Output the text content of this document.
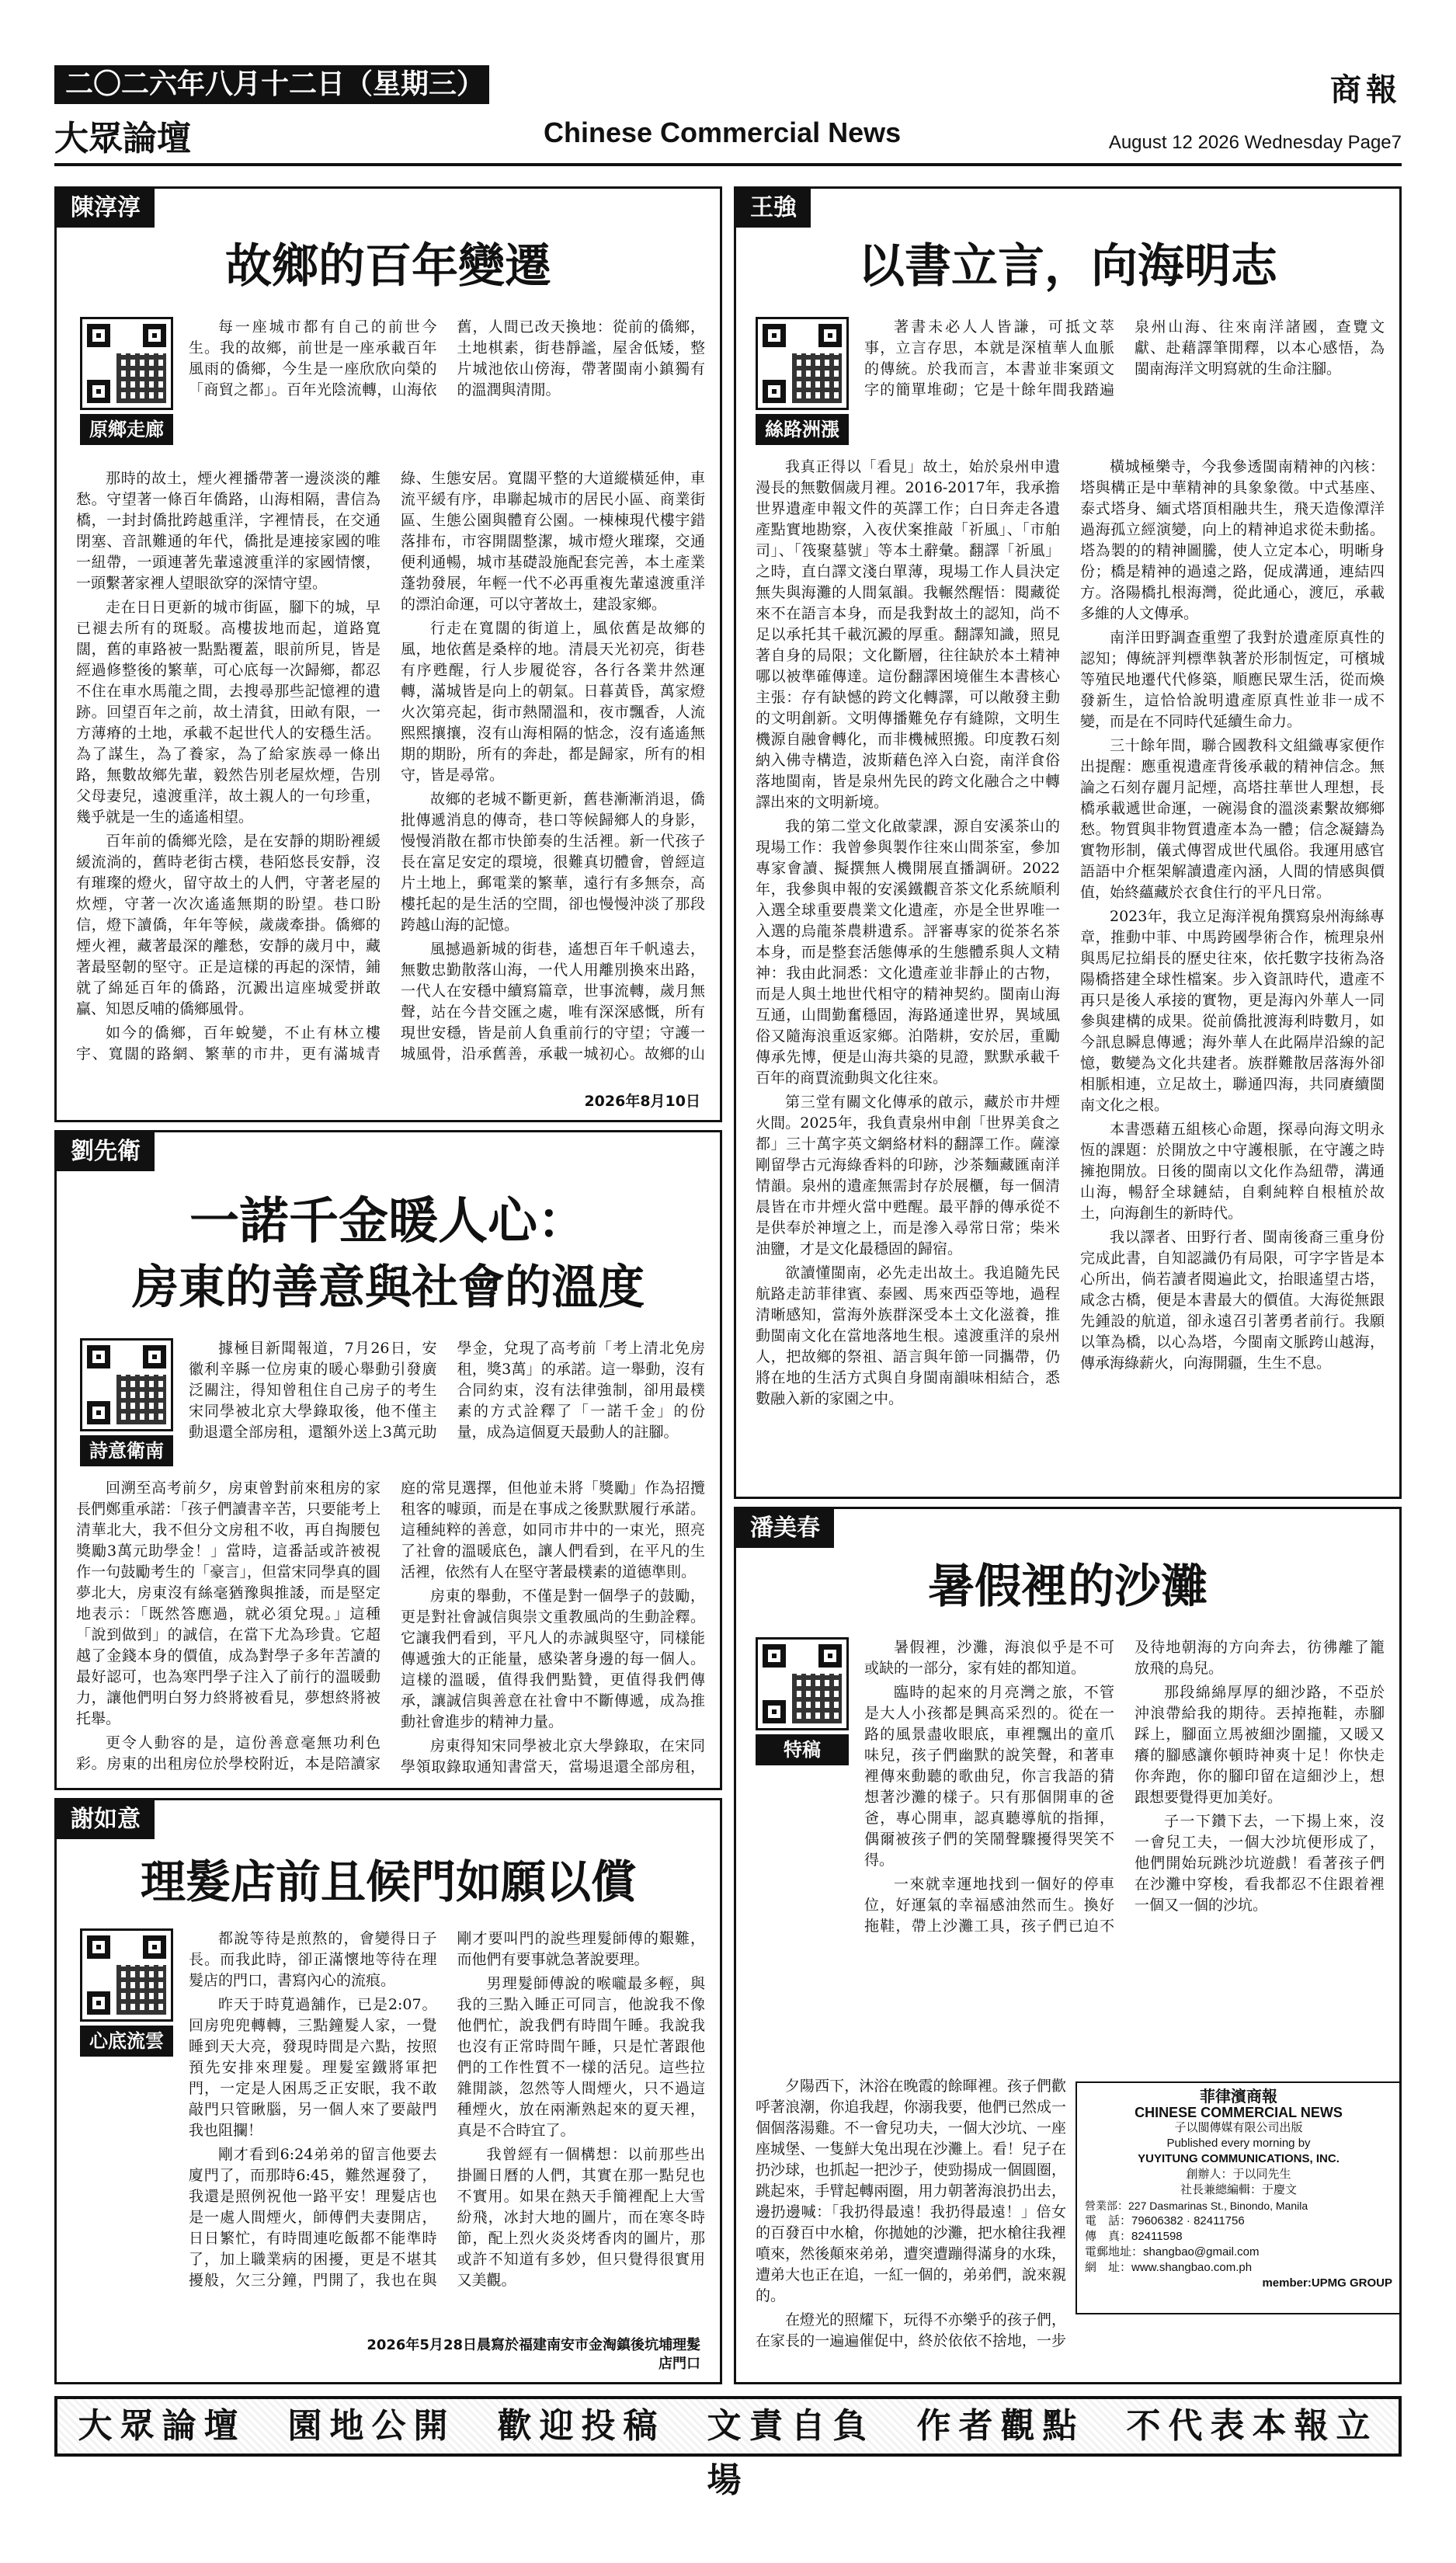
二〇二六年八月十二日（星期三）	商報
大眾論壇	Chinese Commercial News	August 12 2026 Wednesday Page7
陳淳淳
故鄉的百年變遷
原鄉走廊

每一座城市都有自己的前世今生。我的故鄉，前世是一座承載百年風雨的僑鄉，今生是一座欣欣向榮的「商貿之都」。百年光陰流轉，山海依舊，人間已改天換地：從前的僑鄉，土地棋素，街巷靜謐，屋舍低矮，整片城池依山傍海，帶著閩南小鎮獨有的溫潤與清閒。

那時的故土，煙火裡播帶著一邊淡淡的離愁。守望著一條百年僑路，山海相隔，書信為橋，一封封僑批跨越重洋，字裡情長，在交通閉塞、音訊難通的年代，僑批是連接家國的唯一紐帶，一頭連著先輩遠渡重洋的家國情懷，一頭繫著家裡人望眼欲穿的深情守望。

走在日日更新的城市街區，腳下的城，早已褪去所有的斑駁。高樓拔地而起，道路寬闊，舊的車路被一點點覆蓋，眼前所見，皆是經過修整後的繁華，可心底每一次歸鄉，都忍不住在車水馬龍之間，去搜尋那些記憶裡的遺跡。回望百年之前，故土清貧，田畝有限，一方薄瘠的土地，承載不起世代人的安穩生活。為了謀生，為了養家，為了給家族尋一條出路，無數故鄉先輩，毅然告別老屋炊煙，告別父母妻兒，遠渡重洋，故土親人的一句珍重，幾乎就是一生的遙遙相望。

百年前的僑鄉光陰，是在安靜的期盼裡緩緩流淌的，舊時老街古樸，巷陌悠長安靜，沒有璀璨的燈火，留守故土的人們，守著老屋的炊煙，守著一次次遙遙無期的盼望。巷口盼信，燈下讀僑，年年等候，歲歲牽掛。僑鄉的煙火裡，藏著最深的離愁，安靜的歲月中，藏著最堅韌的堅守。正是這樣的再起的深情，鋪就了綿延百年的僑路，沉澱出這座城愛拼敢贏、知恩反哺的僑鄉風骨。

如今的僑鄉，百年蛻變，不止有林立樓宇、寬闊的路網、繁華的市井，更有滿城青綠、生態安居。寬闊平整的大道縱橫延伸，車流平緩有序，串聯起城市的居民小區、商業街區、生態公園與體育公園。一棟棟現代樓宇錯落排布，市容開闊整潔，城市燈火璀璨，交通便利通暢，城市基礎設施配套完善，本土產業蓬勃發展，年輕一代不必再重複先輩遠渡重洋的漂泊命運，可以守著故土，建設家鄉。

行走在寬闊的街道上，風依舊是故鄉的風，地依舊是桑梓的地。清晨天光初亮，街巷有序甦醒，行人步履從容，各行各業井然運轉，滿城皆是向上的朝氣。日暮黃昏，萬家燈火次第亮起，街市熱鬧溫和，夜市飄香，人流熙熙攘攘，沒有山海相隔的惦念，沒有遙遙無期的期盼，所有的奔赴，都是歸家，所有的相守，皆是尋常。

故鄉的老城不斷更新，舊巷漸漸消退，僑批傳遞消息的傳奇，巷口等候歸鄉人的身影，慢慢消散在都市快節奏的生活裡。新一代孩子長在富足安定的環境，很難真切體會，曾經這片土地上，郵電業的繁華，遠行有多無奈，高樓托起的是生活的空間，卻也慢慢沖淡了那段跨越山海的記憶。

風撼過新城的街巷，遙想百年千帆遠去，無數忠勤散落山海，一代人用離別換來出路，一代人在安穩中續寫篇章，世事流轉，歲月無聲，站在今昔交匯之處，唯有深深感慨，所有現世安穩，皆是前人負重前行的守望；守護一城風骨，沿承舊善，承載一城初心。故鄉的山

2026年8月10日
劉先衛
一諾千金暖人心：
房東的善意與社會的溫度
詩意衛南

據極目新聞報道，7月26日，安徽利辛縣一位房東的暖心舉動引發廣泛關注，得知曾租住自己房子的考生宋同學被北京大學錄取後，他不僅主動退還全部房租，還額外送上3萬元助學金，兌現了高考前「考上清北免房租，獎3萬」的承諾。這一舉動，沒有合同約束，沒有法律強制，卻用最樸素的方式詮釋了「一諾千金」的份量，成為這個夏天最動人的註腳。

回溯至高考前夕，房東曾對前來租房的家長們鄭重承諾：「孩子們讀書辛苦，只要能考上清華北大，我不但分文房租不收，再自掏腰包獎勵3萬元助學金！」當時，這番話或許被視作一句鼓勵考生的「豪言」，但當宋同學真的圓夢北大，房東沒有絲毫猶豫與推諉，而是堅定地表示：「既然答應過，就必須兌現。」這種「說到做到」的誠信，在當下尤為珍貴。它超越了金錢本身的價值，成為對學子多年苦讀的最好認可，也為寒門學子注入了前行的溫暖動力，讓他們明白努力終將被看見，夢想終將被托舉。

更令人動容的是，這份善意毫無功利色彩。房東的出租房位於學校附近，本是陪讀家庭的常見選擇，但他並未將「獎勵」作為招攬租客的噱頭，而是在事成之後默默履行承諾。這種純粹的善意，如同市井中的一束光，照亮了社會的溫暖底色，讓人們看到，在平凡的生活裡，依然有人在堅守著最樸素的道德準則。

房東的舉動，不僅是對一個學子的鼓勵，更是對社會誠信與崇文重教風尚的生動詮釋。它讓我們看到，平凡人的赤誠與堅守，同樣能傳遞強大的正能量，感染著身邊的每一個人。這樣的溫暖，值得我們點贊，更值得我們傳承，讓誠信與善意在社會中不斷傳遞，成為推動社會進步的精神力量。

房東得知宋同學被北京大學錄取，在宋同學領取錄取通知書當天，當場退還全部房租，

謝如意
理髮店前且候門如願以償
心底流雲

都說等待是煎熬的，會變得日子長。而我此時，卻正滿懷地等待在理髮店的門口，書寫內心的流痕。

昨天于時莧過舖作，已是2:07。回房兜兜轉轉，三點鐘髮人家，一覺睡到天大亮，發現時間是六點，按照預先安排來理髮。理髮室鐵將軍把門，一定是人困馬乏正安眠，我不敢敲門只管瞅腦，另一個人來了要敲門我也阻攔！

剛才看到6:24弟弟的留言他要去廈門了，而那時6:45，難然遲發了，我還是照例祝他一路平安！理髮店也是一處人間煙火，師傅們夫妻開店，日日繁忙，有時間連吃飯都不能準時了，加上職業病的困擾，更是不堪其擾般，欠三分鐘，門開了，我也在與剛才要叫門的說些理髮師傅的艱難，而他們有要事就急著說要理。

男理髮師傅說的喉嚨最多輕，與我的三點入睡正可同言，他說我不像他們忙，說我們有時間午睡。我說我也沒有正常時間午睡，只是忙著跟他們的工作性質不一樣的活兒。這些拉雜閒談，忽然等人間煙火，只不過這種煙火，放在兩漸熟起來的夏天裡，真是不合時宜了。

我曾經有一個構想：以前那些出掛圖日曆的人們，其實在那一點兒也不實用。如果在熱天手簡裡配上大雪紛飛，冰封大地的圖片，而在寒冬時節，配上烈火炎炎烤香肉的圖片，那或許不知道有多妙，但只覺得很實用又美觀。

2026年5月28日晨寫於福建南安市金淘鎮後坑埔理髮店門口
王強
以書立言，向海明志
絲路洲漲

著書未必人人皆謙，可抵文萃事，立言存思，本就是深植華人血脈的傳統。於我而言，本書並非案頭文字的簡單堆砌；它是十餘年間我踏遍泉州山海、往來南洋諸國，查覽文獻、赴藉譯筆閒釋，以本心感悟，為閩南海洋文明寫就的生命注腳。

我真正得以「看見」故土，始於泉州申遺漫長的無數個歲月裡。2016-2017年，我承擔世界遺產申報文件的英譯工作；白日奔走各遺產點實地勘察，入夜伏案推敲「祈風」、「市舶司」、「筏聚墓號」等本土辭彙。翻譯「祈風」之時，直白譯文淺白單薄，現場工作人員決定無失與海灘的人間氣韻。我輾然醒悟：閱藏從來不在語言本身，而是我對故土的認知，尚不足以承托其千載沉澱的厚重。翻譯知識，照見著自身的局限；文化斷層，往往缺於本土精神哪以被準確傳達。這份翻譯困境催生本書核心主張：存有缺憾的跨文化轉譯，可以敞發主動的文明創新。文明傳播難免存有縫隙，文明生機源自融會轉化，而非機械照搬。印度教石刻納入佛寺構造，波斯藉色淬入白瓷，南洋食俗落地閩南，皆是泉州先民的跨文化融合之中轉譯出來的文明新境。

我的第二堂文化啟蒙課，源自安溪茶山的現場工作：我曾參與製作往來山間茶室，參加專家會讀、擬撰無人機開展直播調研。2022年，我參與申報的安溪鐵觀音茶文化系統順利入選全球重要農業文化遺產，亦是全世界唯一入選的烏龍茶農耕遺系。評審專家的從茶名茶本身，而是整套活態傳承的生態體系與人文精神：我由此洞悉：文化遺產並非靜止的古物，而是人與土地世代相守的精神契約。閩南山海互通，山間勤奮穩固，海路通達世界，異域風俗又隨海浪重返家鄉。泊階耕，安於居，重勵傳承先博，便是山海共築的見證，默默承載千百年的商賈流動與文化往來。

第三堂有關文化傳承的啟示，藏於市井煙火間。2025年，我負責泉州申創「世界美食之都」三十萬字英文網絡材料的翻譯工作。薩濠剛留學古元海綠香料的印跡，沙茶麵藏匯南洋情韻。泉州的遺產無需封存於展櫃，每一個清晨皆在市井煙火當中甦醒。最平靜的傳承從不是供奉於神壇之上，而是滲入尋常日常；柴米油鹽，才是文化最穩固的歸宿。

欲讀懂閩南，必先走出故土。我追隨先民航路走訪菲律賓、泰國、馬來西亞等地，過程清晰感知，當海外族群深受本土文化滋養，推動閩南文化在當地落地生根。遠渡重洋的泉州人，把故鄉的祭祖、語言與年節一同攜帶，仍將在地的生活方式與自身閩南韻味相結合，悉數融入新的家園之中。

橫城極樂寺，今我參透閩南精神的內核：塔與構正是中華精神的具象象徵。中式基座、泰式塔身、緬式塔頂相融共生，飛天造像潭洋過海孤立經演變，向上的精神追求從未動搖。塔為製的的精神圖騰，使人立定本心，明晰身份；橋是精神的過遠之路，促成溝通，連結四方。洛陽橋扎根海灣，從此通心，渡厄，承載多維的人文傳承。

南洋田野調查重塑了我對於遺產原真性的認知；傳統評判標準執著於形制恆定，可檳城等殖民地遷代代修築，順應民眾生活，從而煥發新生，這恰恰說明遺產原真性並非一成不變，而是在不同時代延續生命力。

三十餘年間，聯合國教科文組織專家便作出提醒：應重視遺產背後承載的精神信念。無論之石刻存麗月記煙，高塔拄華世人理想，長橋承載遞世命運，一碗湯食的溫淡素繫故鄉鄉愁。物質與非物質遺產本為一體；信念凝鑄為實物形制，儀式傳習成世代風俗。我運用感官語語中介框架解讀遺產內涵，人間的情感與價值，始終蘊藏於衣食住行的平凡日常。

2023年，我立足海洋視角撰寫泉州海絲專章，推動中菲、中馬跨國學術合作，梳理泉州與馬尼拉絹長的歷史往來，依托數字技術為洛陽橋搭建全球性檔案。步入資訊時代，遺產不再只是後人承接的實物，更是海內外華人一同參與建構的成果。從前僑批渡海利時數月，如今訊息瞬息傳遞；海外華人在此隔岸沿線的記憶，數變為文化共建者。族群難散居落海外卻相脈相連，立足故土，聯通四海，共同賡續閩南文化之根。

本書憑藉五組核心命題，探尋向海文明永恆的課題：於開放之中守護根脈，在守護之時擁抱開放。日後的閩南以文化作為紐帶，溝通山海，暢舒全球鏈結，自剩純粹自根植於故土，向海創生的新時代。

我以譯者、田野行者、閩南後裔三重身份完成此書，自知認識仍有局限，可字字皆是本心所出，倘若讀者閱遍此文，抬眼遙望古塔，咸念古橋，便是本書最大的價值。大海從無跟先鍾設的航道，卻永遠召引著勇者前行。我願以筆為橋，以心為塔，今閩南文脈跨山越海，傳承海綠薪火，向海開疆，生生不息。

潘美春
暑假裡的沙灘
特稿

暑假裡，沙灘，海浪似乎是不可或缺的一部分，家有娃的都知道。

臨時的起來的月亮灣之旅，不管是大人小孩都是興高采烈的。從在一路的風景盡收眼底，車裡飄出的童爪味兒，孩子們幽默的說笑聲，和著車裡傳來動聽的歌曲兒，你言我語的猜想著沙灘的樣子。只有那個開車的爸爸，專心開車，認真聽導航的指揮，偶爾被孩子們的笑鬧聲驟擾得哭笑不得。

一來就幸運地找到一個好的停車位，好運氣的幸福感油然而生。換好拖鞋，帶上沙灘工具，孩子們已迫不及待地朝海的方向奔去，彷彿離了籠放飛的鳥兒。

那段綿綿厚厚的細沙路，不亞於沖浪帶給我的期待。丟掉拖鞋，赤腳踩上，腳面立馬被細沙圍攏，又暖又癢的腳感讓你頓時神爽十足！你快走你奔跑，你的腳印留在這細沙上，想跟想要覺得更加美好。

子一下鑽下去，一下揚上來，沒一會兒工夫，一個大沙坑便形成了，他們開始玩跳沙坑遊戲！看著孩子們在沙灘中穿梭，看我都忍不住跟着裡一個又一個的沙坑。

夕陽西下，沐浴在晚霞的餘暉裡。孩子們歡呼著浪潮，你追我趕，你溺我要，他們已然成一個個落湯雞。不一會兒功夫，一個大沙坑、一座座城堡、一隻鮮大兔出現在沙灘上。看！兒子在扔沙球，也抓起一把沙子，使勁揚成一個圓圈，跳起來，手臂起轉兩圈，用力朝著海浪扔出去，邊扔邊喊：「我扔得最遠！我扔得最遠！」倍女的百發百中水槍，你拋她的沙灘，把水槍往我裡噴來，然後顛來弟弟，遭突遭蹦得滿身的水珠，遭弟大也正在追，一紅一個的，弟弟們，說來親的。

在燈光的照耀下，玩得不亦樂乎的孩子們，在家長的一遍遍催促中，終於依依不捨地，一步

菲律濱商報
CHINESE COMMERCIAL NEWS
子以閩傳媒有限公司出版
Published every morning by
YUYITUNG COMMUNICATIONS, INC.
創辦人：于以同先生
社長兼總編輯：于慶文
營業部：227 Dasmarinas St., Binondo, Manila
電　話：79606382 · 82411756
傳　真：82411598
電郵地址：shangbao@gmail.com
網　址：www.shangbao.com.ph
member:UPMG GROUP
大眾論壇　園地公開　歡迎投稿　文責自負　作者觀點　不代表本報立場
